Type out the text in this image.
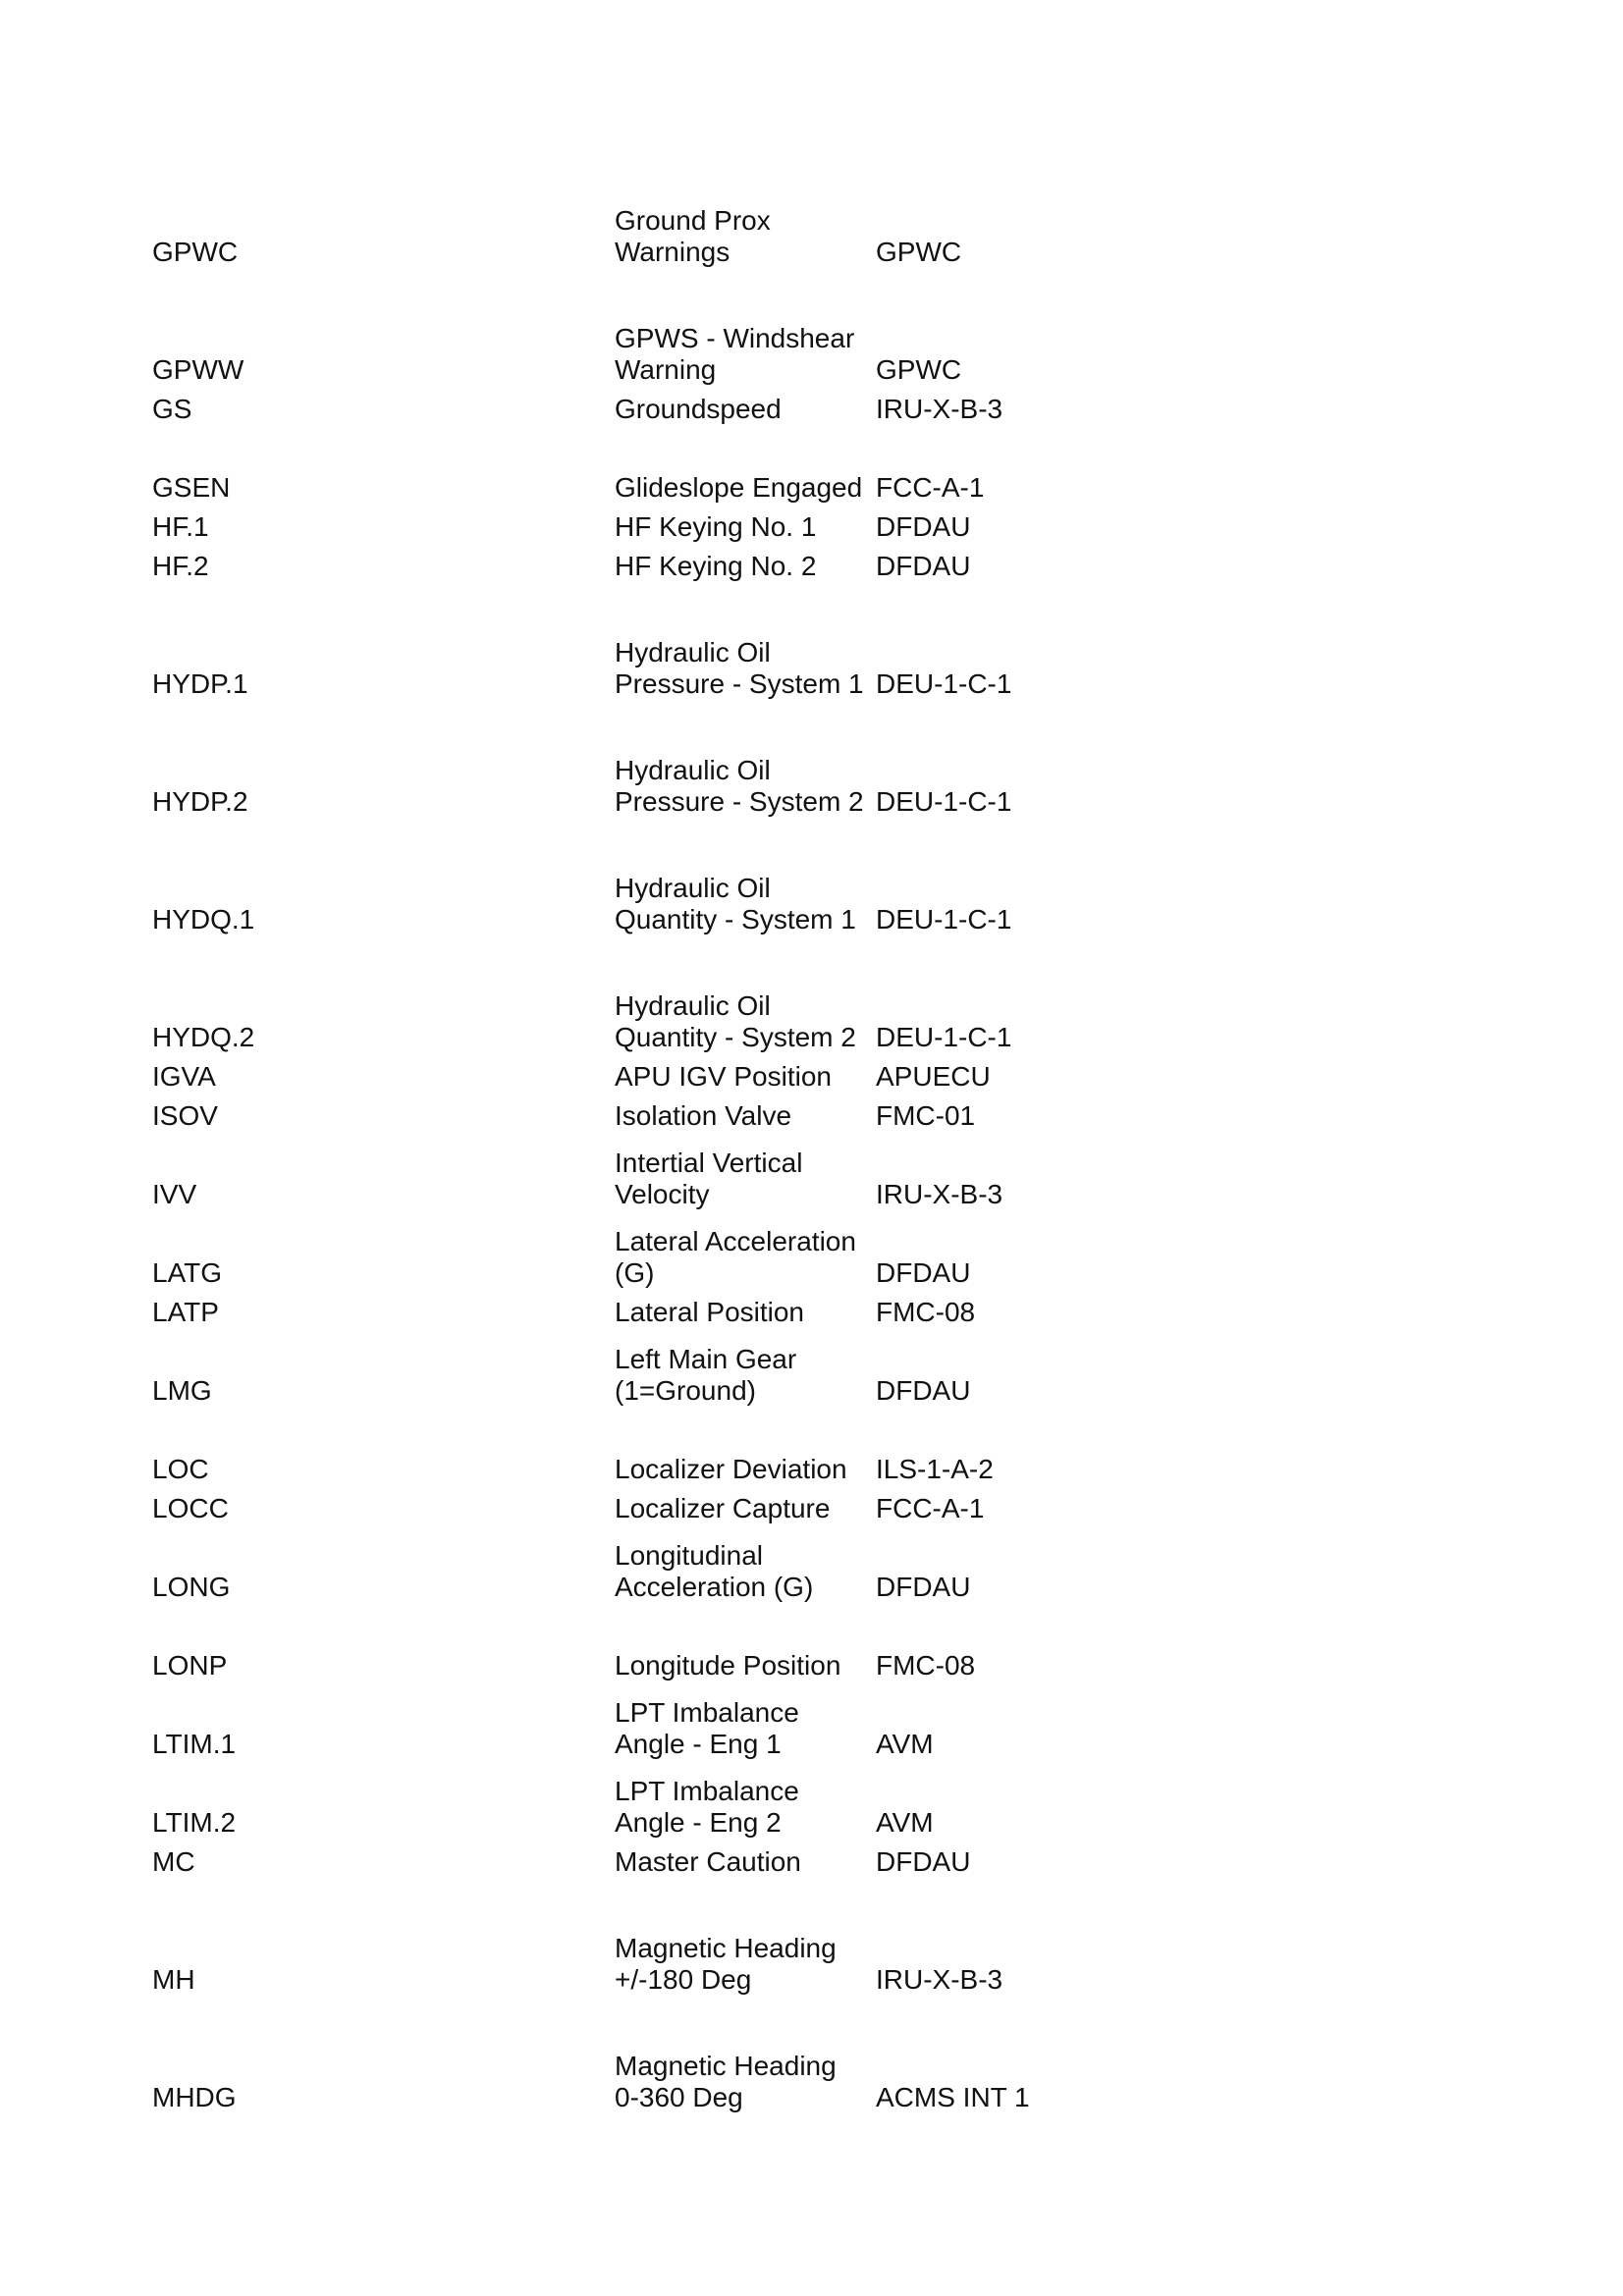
GPWC
Ground Prox
Warnings	GPWC
GPWW
GPWS - Windshear
Warning	GPWC
GS	Groundspeed	IRU-X-B-3
GSEN	Glideslope Engaged FCC-A-1
HF.1	HF Keying No. 1 DFDAU
HF.2	HF Keying No. 2 DFDAU
HYDP.1
Hydraulic Oil
Pressure - System 1 DEU-1-C-1
HYDP.2
Hydraulic Oil
Pressure - System 2 DEU-1-C-1
HYDQ.1
Hydraulic Oil
Quantity - System 1 DEU-1-C-1
HYDQ.2
Hydraulic Oil
Quantity - System 2 DEU-1-C-1
IGVA	APU IGV Position APUECU
ISOV	Isolation Valve	FMC-01
IVV
Intertial Vertical
Velocity	IRU-X-B-3
LATG
Lateral Acceleration
(G)	DFDAU
LATP	Lateral Position	FMC-08
LMG
Left Main Gear
(1=Ground)	DFDAU
LOC	Localizer Deviation ILS-1-A-2
LOCC	Localizer Capture FCC-A-1
LONG
Longitudinal
Acceleration (G) DFDAU
LONP	Longitude Position FMC-08
LTIM.1
LPT Imbalance
Angle - Eng 1	AVM
LTIM.2
LPT Imbalance
Angle - Eng 2	AVM
MC	Master Caution	DFDAU
MH
Magnetic Heading
+/-180 Deg	IRU-X-B-3
MHDG
Magnetic Heading
0-360 Deg	ACMS INT 1
